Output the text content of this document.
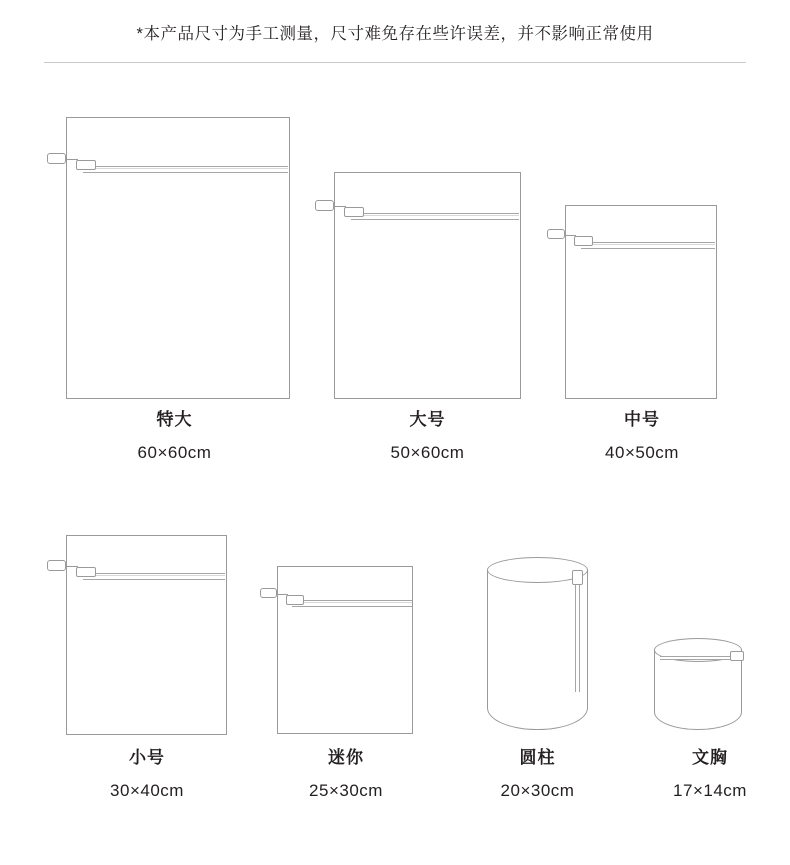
*本产品尺寸为手工测量，尺寸难免存在些许误差，并不影响正常使用
特大
60×60cm
大号
50×60cm
中号
40×50cm
小号
30×40cm
迷你
25×30cm
圆柱
20×30cm
文胸
17×14cm
